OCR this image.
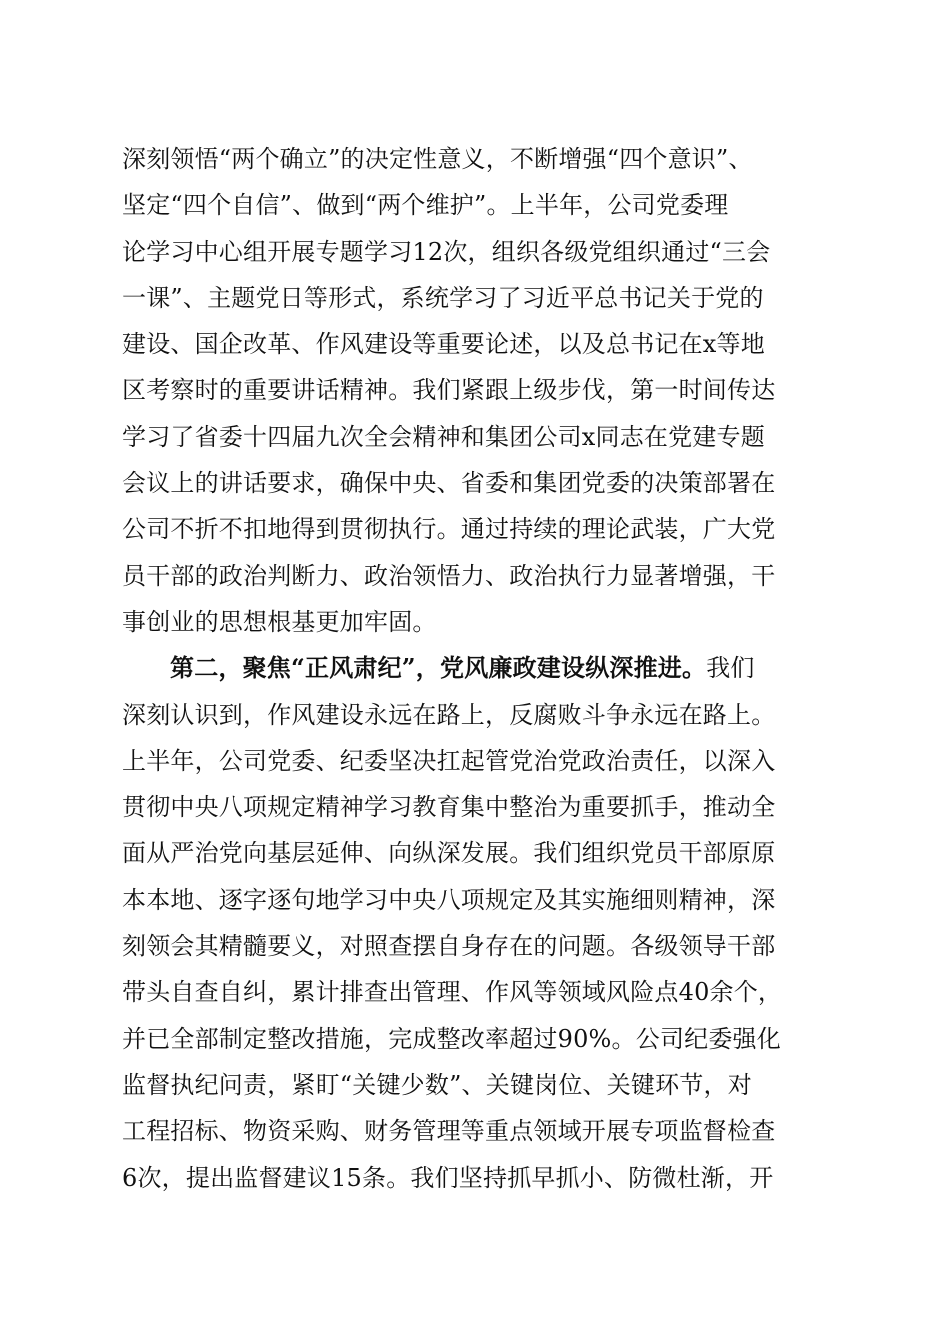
深刻领悟“两个确立”的决定性意义，不断增强“四个意识”、
坚定“四个自信”、做到“两个维护”。上半年，公司党委理
论学习中心组开展专题学习12次，组织各级党组织通过“三会
一课”、主题党日等形式，系统学习了习近平总书记关于党的
建设、国企改革、作风建设等重要论述，以及总书记在x等地
区考察时的重要讲话精神。我们紧跟上级步伐，第一时间传达
学习了省委十四届九次全会精神和集团公司x同志在党建专题
会议上的讲话要求，确保中央、省委和集团党委的决策部署在
公司不折不扣地得到贯彻执行。通过持续的理论武装，广大党
员干部的政治判断力、政治领悟力、政治执行力显著增强，干
事创业的思想根基更加牢固。
第二，聚焦“正风肃纪”，党风廉政建设纵深推进。我们
深刻认识到，作风建设永远在路上，反腐败斗争永远在路上。
上半年，公司党委、纪委坚决扛起管党治党政治责任，以深入
贯彻中央八项规定精神学习教育集中整治为重要抓手，推动全
面从严治党向基层延伸、向纵深发展。我们组织党员干部原原
本本地、逐字逐句地学习中央八项规定及其实施细则精神，深
刻领会其精髓要义，对照查摆自身存在的问题。各级领导干部
带头自查自纠，累计排查出管理、作风等领域风险点40余个，
并已全部制定整改措施，完成整改率超过90%。公司纪委强化
监督执纪问责，紧盯“关键少数”、关键岗位、关键环节，对
工程招标、物资采购、财务管理等重点领域开展专项监督检查
6次，提出监督建议15条。我们坚持抓早抓小、防微杜渐，开
